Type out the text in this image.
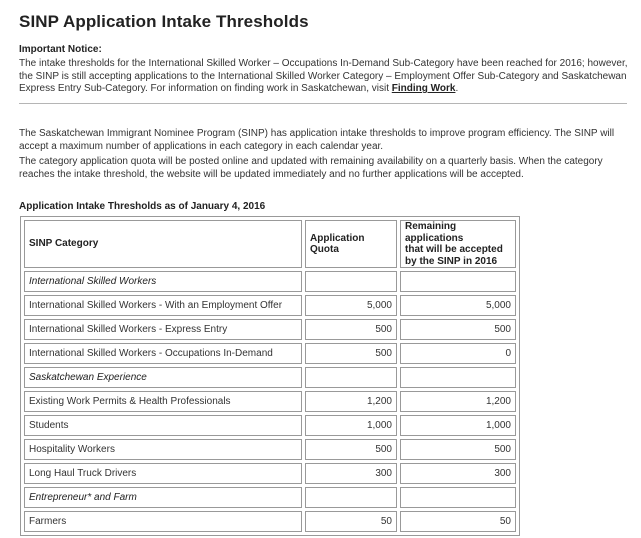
SINP Application Intake Thresholds
Important Notice:
The intake thresholds for the International Skilled Worker – Occupations In-Demand Sub-Category have been reached for 2016; however, the SINP is still accepting applications to the International Skilled Worker Category – Employment Offer Sub-Category and Saskatchewan Express Entry Sub-Category. For information on finding work in Saskatchewan, visit Finding Work.
The Saskatchewan Immigrant Nominee Program (SINP) has application intake thresholds to improve program efficiency. The SINP will accept a maximum number of applications in each category in each calendar year.
The category application quota will be posted online and updated with remaining availability on a quarterly basis. When the category reaches the intake threshold, the website will be updated immediately and no further applications will be accepted.
Application Intake Thresholds as of January 4, 2016
SINP Category	Application Quota	Remaining applications
that will be accepted
by the SINP in 2016
International Skilled Workers		
International Skilled Workers - With an Employment Offer	5,000	5,000
International Skilled Workers - Express Entry	500	500
International Skilled Workers - Occupations In-Demand	500	0
Saskatchewan Experience		
Existing Work Permits & Health Professionals	1,200	1,200
Students	1,000	1,000
Hospitality Workers	500	500
Long Haul Truck Drivers	300	300
Entrepreneur* and Farm		
Farmers	50	50
